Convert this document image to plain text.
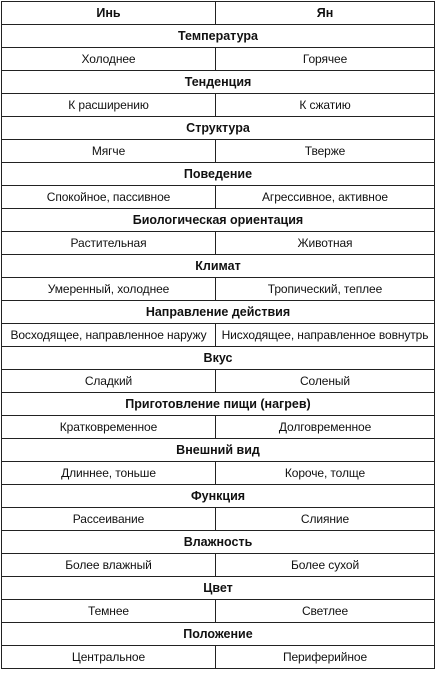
Инь	Ян
Температура	
Холоднее	Горячее
Тенденция	
К расширению	К сжатию
Структура	
Мягче	Тверже
Поведение	
Спокойное, пассивное	Агрессивное, активное
Биологическая ориентация	
Растительная	Животная
Климат	
Умеренный, холоднее	Тропический, теплее
Направление действия	
Восходящее, направленное наружу	Нисходящее, направленное вовнутрь
Вкус	
Сладкий	Соленый
Приготовление пищи (нагрев)	
Кратковременное	Долговременное
Внешний вид	
Длиннее, тоньше	Короче, толще
Функция	
Рассеивание	Слияние
Влажность	
Более влажный	Более сухой
Цвет	
Темнее	Светлее
Положение	
Центральное	Периферийное
